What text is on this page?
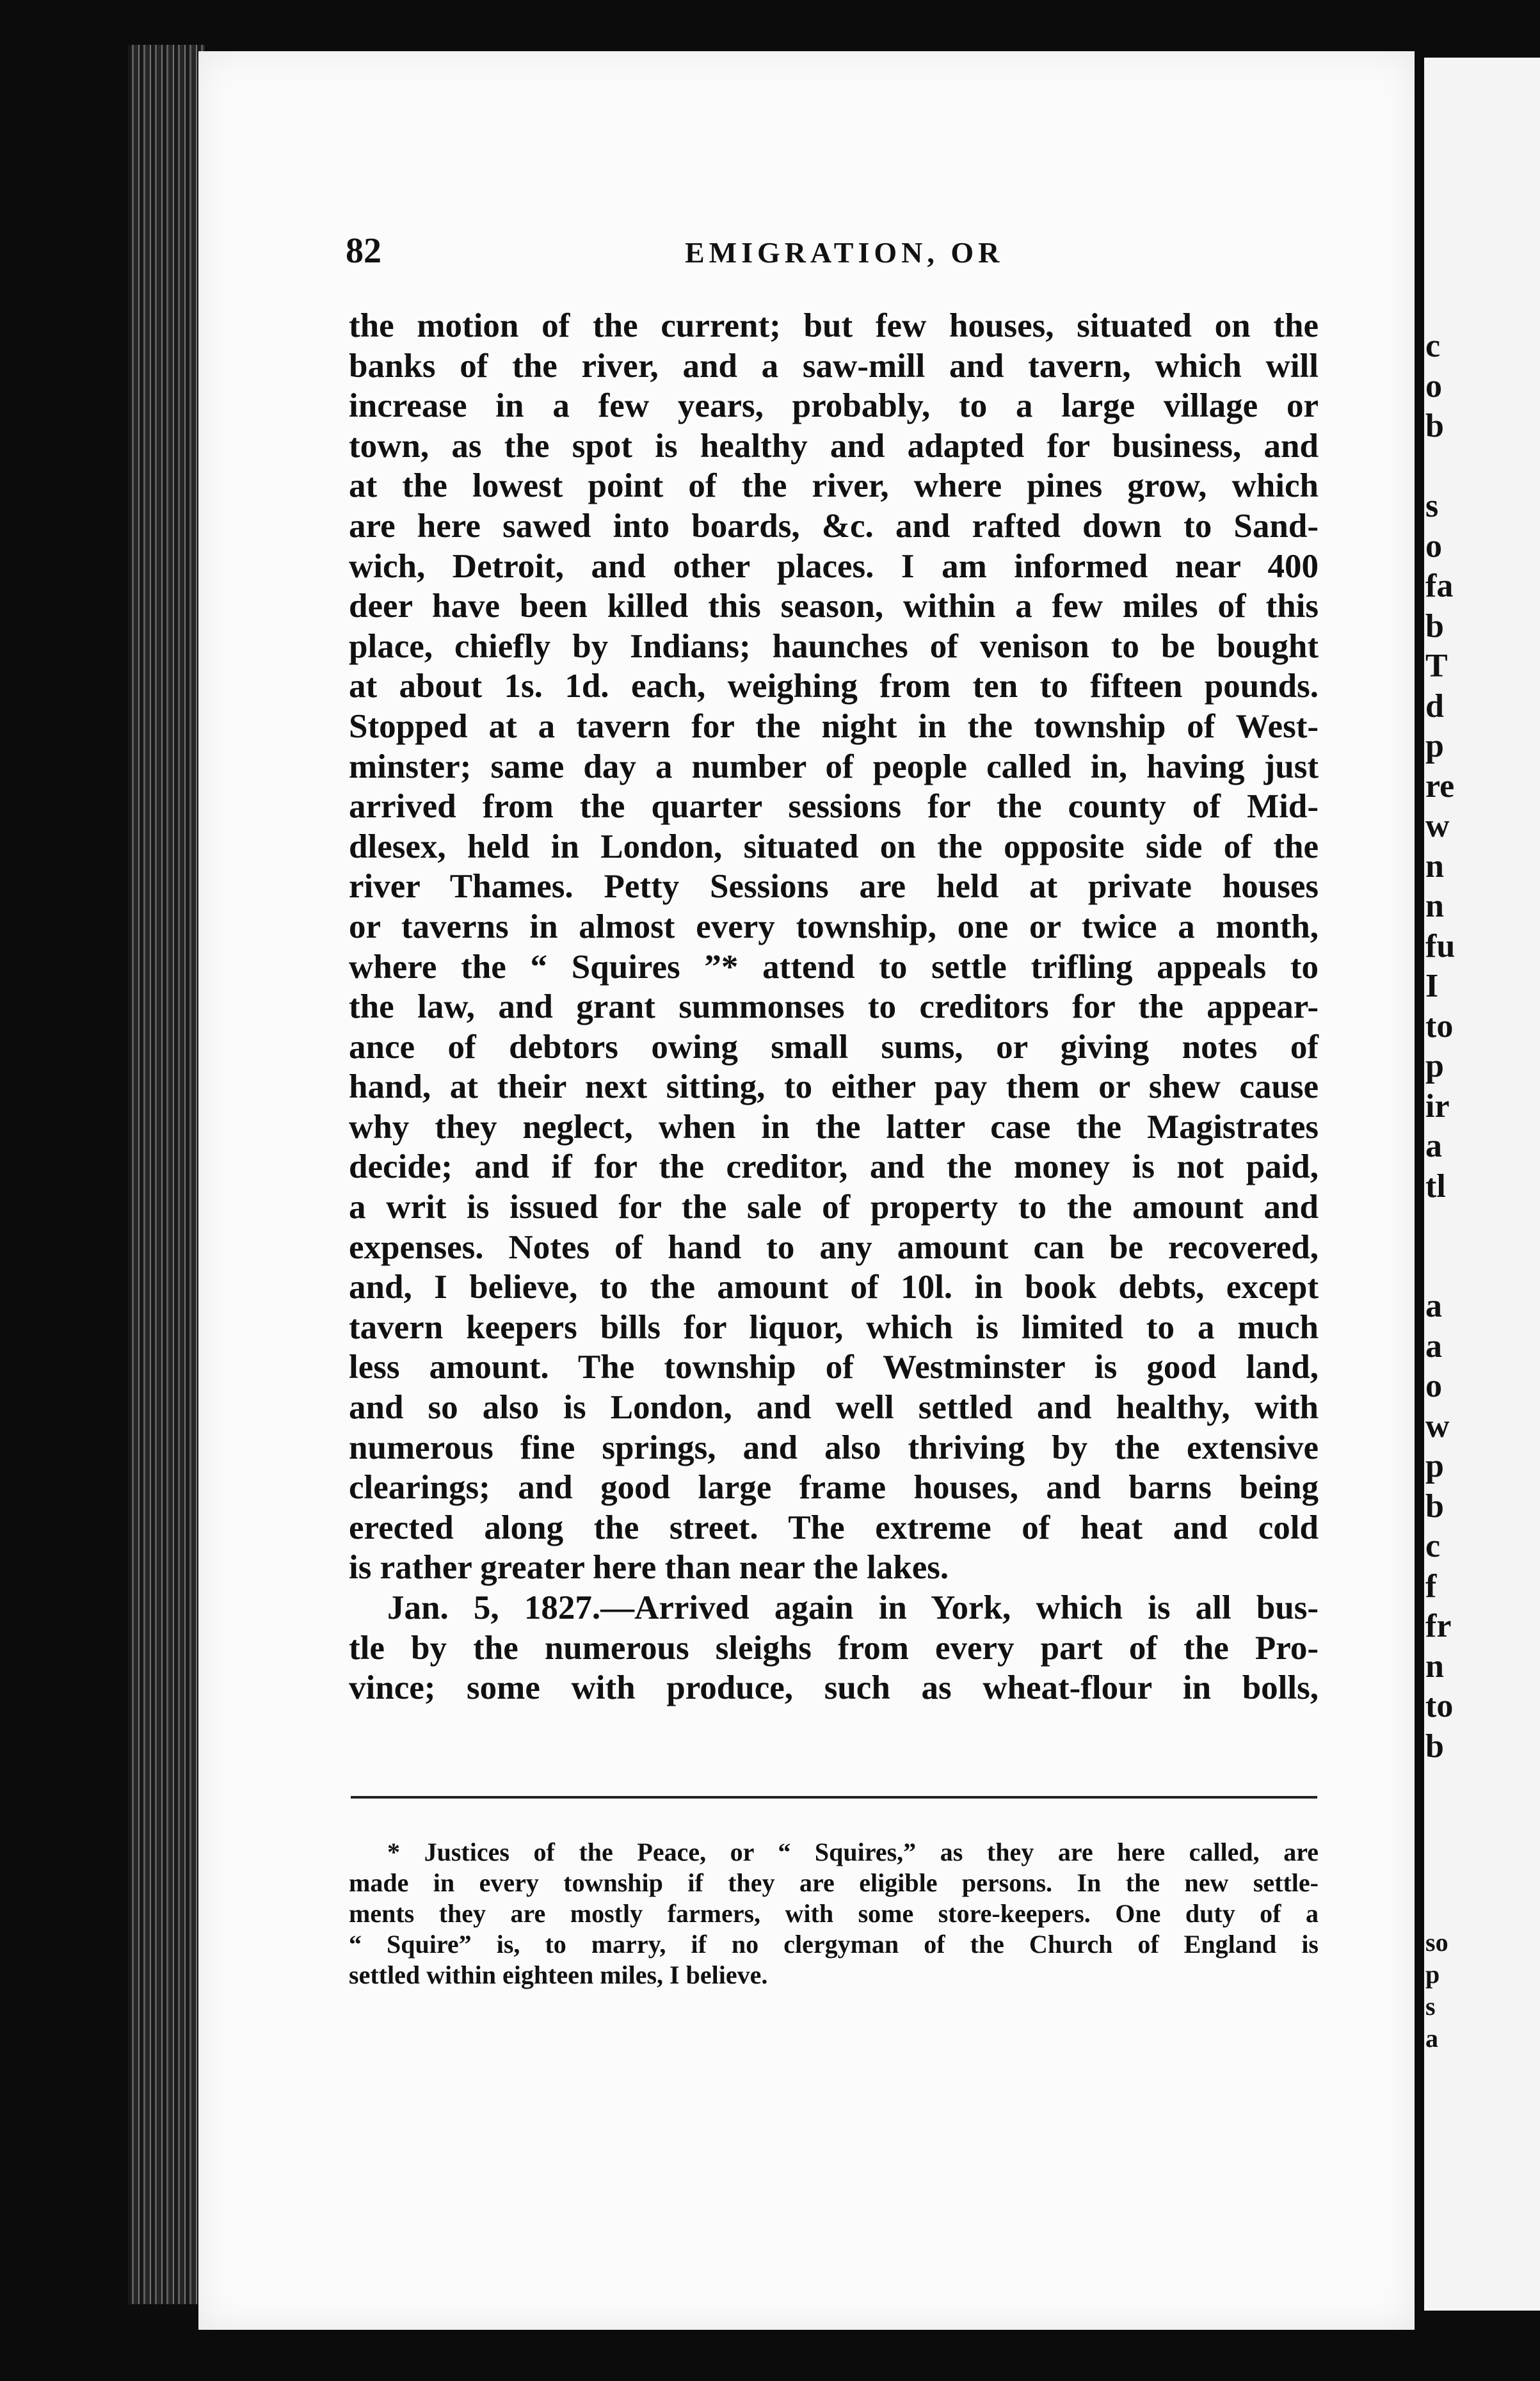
82	EMIGRATION, OR
the motion of the current; but few houses, situated on the
banks of the river, and a saw-mill and tavern, which will
increase in a few years, probably, to a large village or
town, as the spot is healthy and adapted for business, and
at the lowest point of the river, where pines grow, which
are here sawed into boards, &c. and rafted down to Sand-
wich, Detroit, and other places. I am informed near 400
deer have been killed this season, within a few miles of this
place, chiefly by Indians; haunches of venison to be bought
at about 1s. 1d. each, weighing from ten to fifteen pounds.
Stopped at a tavern for the night in the township of West-
minster; same day a number of people called in, having just
arrived from the quarter sessions for the county of Mid-
dlesex, held in London, situated on the opposite side of the
river Thames. Petty Sessions are held at private houses
or taverns in almost every township, one or twice a month,
where the “ Squires ”* attend to settle trifling appeals to
the law, and grant summonses to creditors for the appear-
ance of debtors owing small sums, or giving notes of
hand, at their next sitting, to either pay them or shew cause
why they neglect, when in the latter case the Magistrates
decide; and if for the creditor, and the money is not paid,
a writ is issued for the sale of property to the amount and
expenses. Notes of hand to any amount can be recovered,
and, I believe, to the amount of 10l. in book debts, except
tavern keepers bills for liquor, which is limited to a much
less amount. The township of Westminster is good land,
and so also is London, and well settled and healthy, with
numerous fine springs, and also thriving by the extensive
clearings; and good large frame houses, and barns being
erected along the street. The extreme of heat and cold
is rather greater here than near the lakes.
Jan. 5, 1827.—Arrived again in York, which is all bus-
tle by the numerous sleighs from every part of the Pro-
vince; some with produce, such as wheat-flour in bolls,
* Justices of the Peace, or “ Squires,” as they are here called, are
made in every township if they are eligible persons. In the new settle-
ments they are mostly farmers, with some store-keepers. One duty of a
“ Squire” is, to marry, if no clergyman of the Church of England is
settled within eighteen miles, I believe.
c
o
b
s
o
fa
b
T
d
p
re
w
n
n
fu
I
to
p
ir
a
tl
a
a
o
w
p
b
c
f
fr
n
to
b
so
p
s
a
